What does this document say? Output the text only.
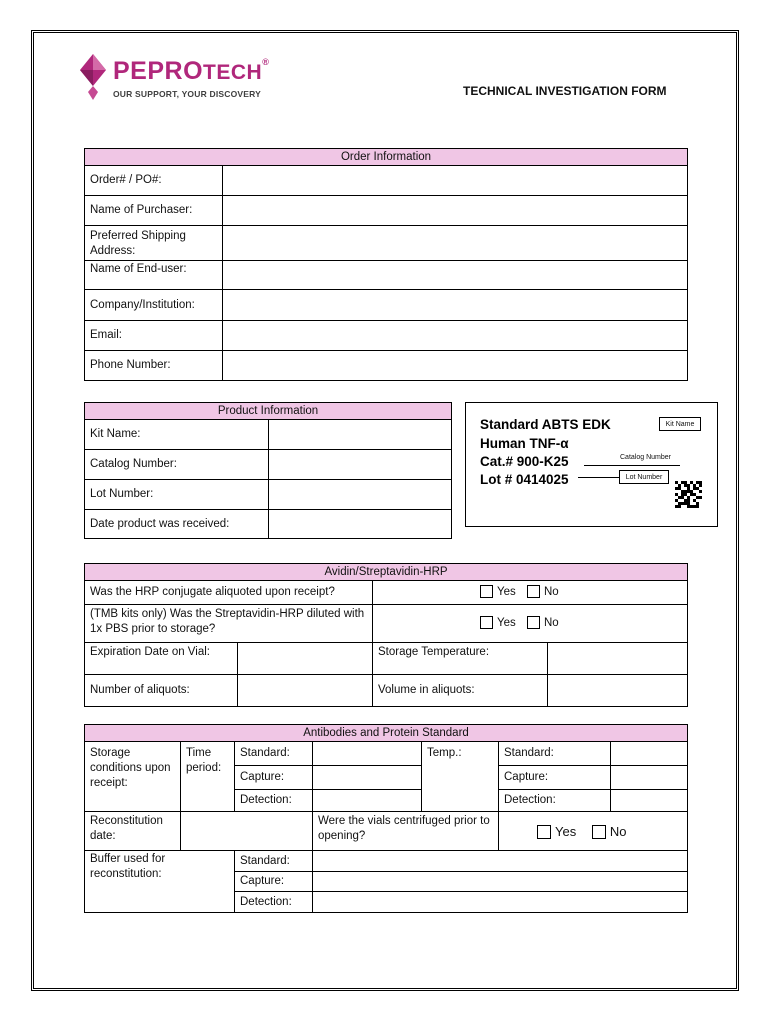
PEPROTECH®
OUR SUPPORT, YOUR DISCOVERY	TECHNICAL INVESTIGATION FORM
Order Information	
Order# / PO#:	
Name of Purchaser:	
Preferred Shipping Address:	
Name of End-user:	
Company/Institution:	
Email:	
Phone Number:	
Product Information	
Kit Name:	
Catalog Number:	
Lot Number:	
Date product was received:	
Standard ABTS EDK
Human TNF-α
Cat.# 900-K25
Lot # 0414025
Kit Name
Catalog Number
Lot Number
Avidin/Streptavidin-HRP			
Was the HRP conjugate aliquoted upon receipt?		Yes No	
(TMB kits only) Was the Streptavidin-HRP diluted with 1x PBS prior to storage?		Yes No	
Expiration Date on Vial:		Storage Temperature:	
Number of aliquots:		Volume in aliquots:	
Antibodies and Protein Standard						
Storage conditions upon receipt:	Time period:	Standard:		Temp.:	Standard:	
		Capture:			Capture:	
		Detection:			Detection:	
Reconstitution date:			Were the vials centrifuged prior to opening?		Yes No	
Buffer used for reconstitution:		Standard:				
		Capture:				
		Detection:				
